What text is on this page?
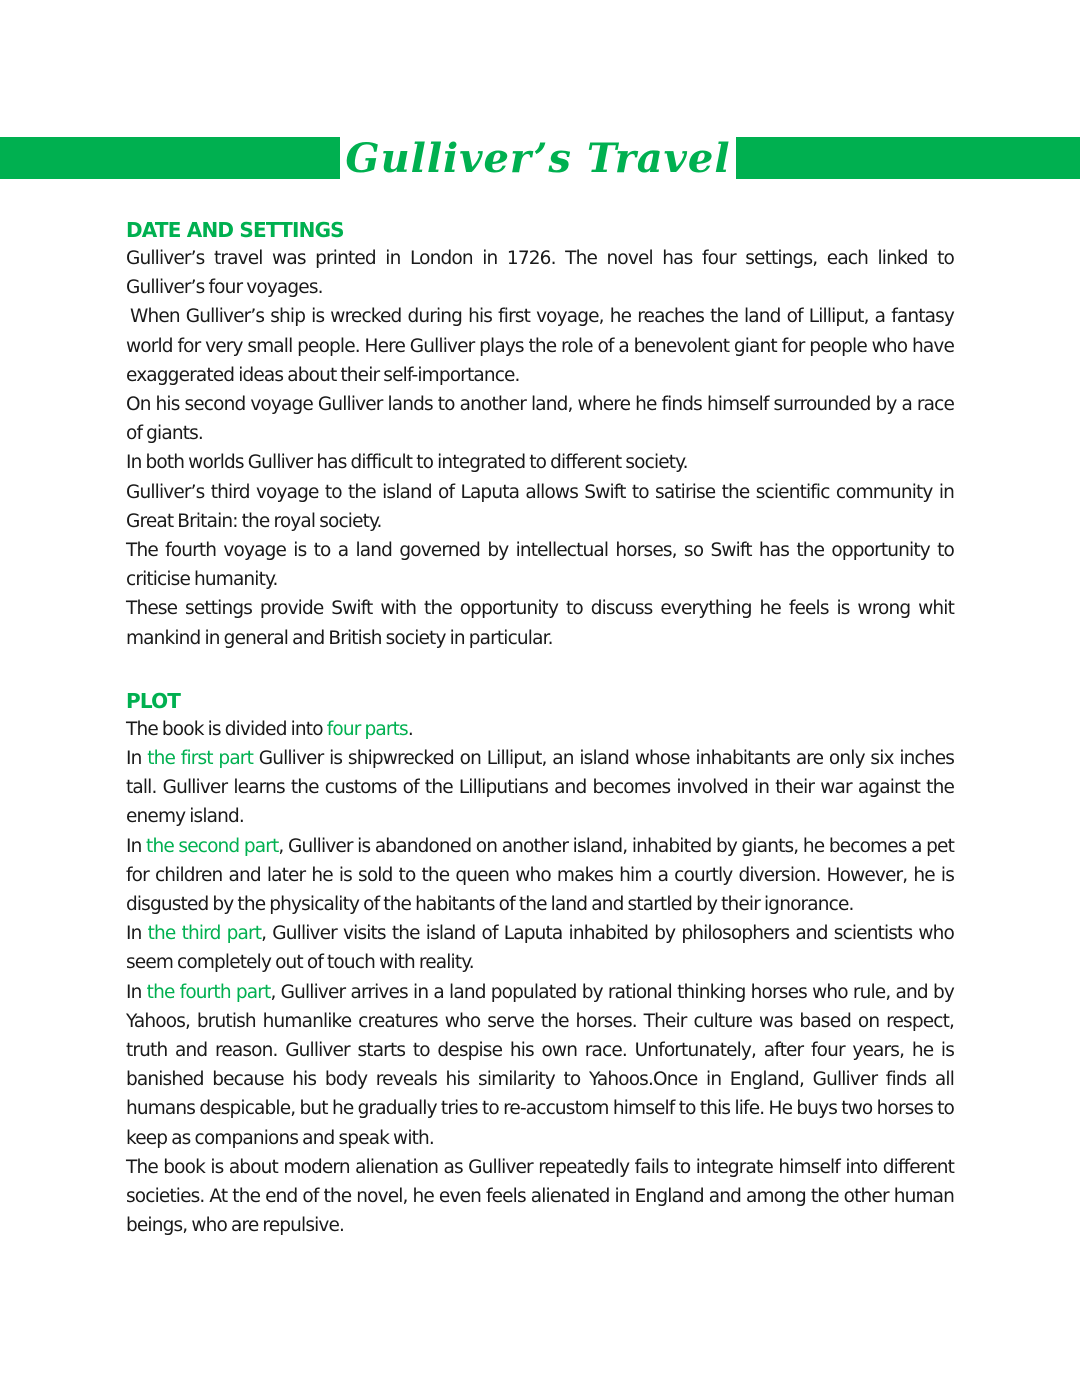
Gulliver’s Travel
DATE AND SETTINGS

Gulliver’s travel was printed in London in 1726. The novel has four settings, each linked to Gulliver’s four voyages.

When Gulliver’s ship is wrecked during his first voyage, he reaches the land of Lilliput, a fantasy world for very small people. Here Gulliver plays the role of a benevolent giant for people who have exaggerated ideas about their self-importance.

On his second voyage Gulliver lands to another land, where he finds himself surrounded by a race of giants.

In both worlds Gulliver has difficult to integrated to different society.

Gulliver’s third voyage to the island of Laputa allows Swift to satirise the scientific community in Great Britain: the royal society.

The fourth voyage is to a land governed by intellectual horses, so Swift has the opportunity to criticise humanity.

These settings provide Swift with the opportunity to discuss everything he feels is wrong whit mankind in general and British society in particular.

PLOT

The book is divided into four parts.

In the first part Gulliver is shipwrecked on Lilliput, an island whose inhabitants are only six inches tall. Gulliver learns the customs of the Lilliputians and becomes involved in their war against the enemy island.

In the second part, Gulliver is abandoned on another island, inhabited by giants, he becomes a pet for children and later he is sold to the queen who makes him a courtly diversion. However, he is disgusted by the physicality of the habitants of the land and startled by their ignorance.

In the third part, Gulliver visits the island of Laputa inhabited by philosophers and scientists who seem completely out of touch with reality.

In the fourth part, Gulliver arrives in a land populated by rational thinking horses who rule, and by Yahoos, brutish humanlike creatures who serve the horses. Their culture was based on respect, truth and reason. Gulliver starts to despise his own race. Unfortunately, after four years, he is banished because his body reveals his similarity to Yahoos.Once in England, Gulliver finds all humans despicable, but he gradually tries to re-accustom himself to this life. He buys two horses to keep as companions and speak with.

The book is about modern alienation as Gulliver repeatedly fails to integrate himself into different societies. At the end of the novel, he even feels alienated in England and among the other human beings, who are repulsive.
